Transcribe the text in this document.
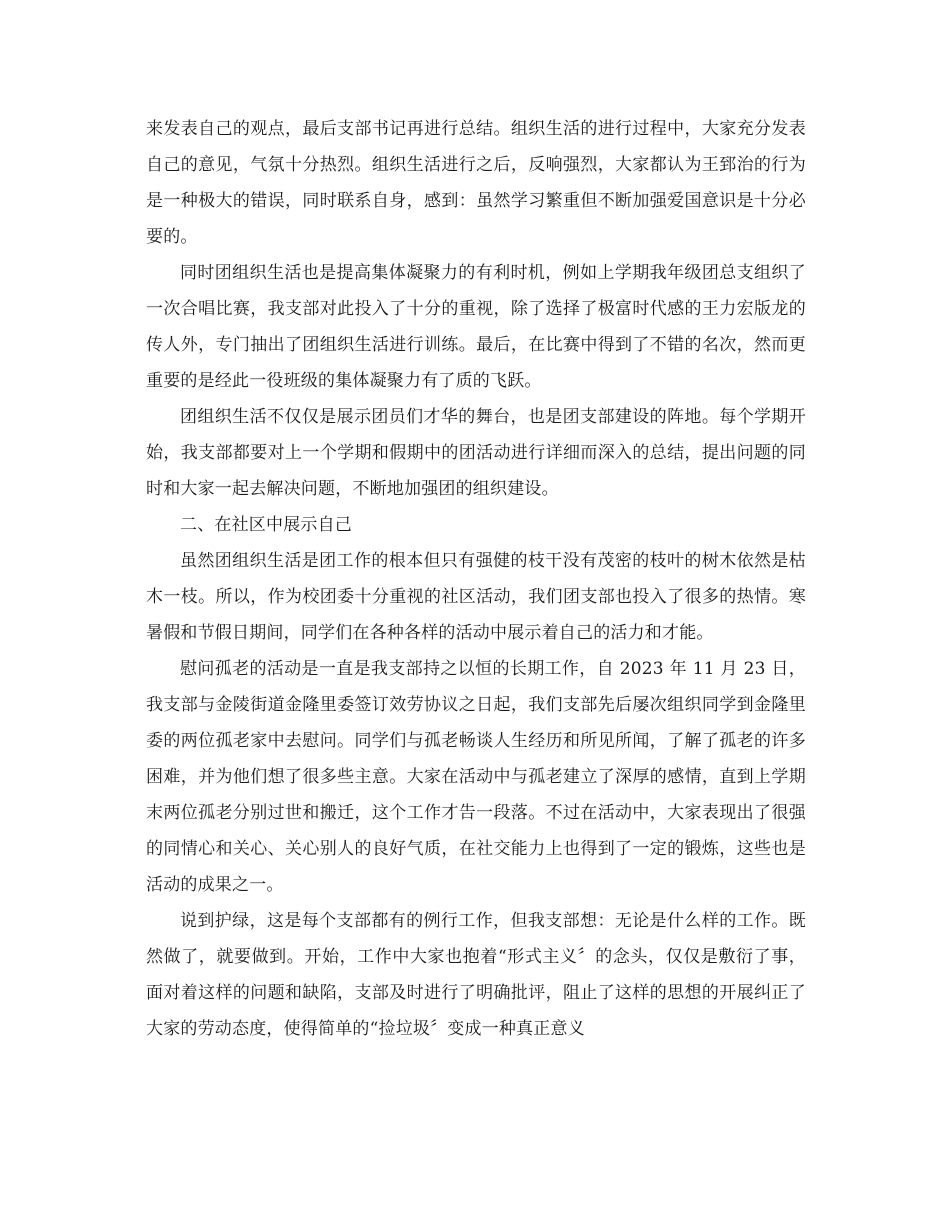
来发表自己的观点，最后支部书记再进行总结。组织生活的进行过程中，大家充分发表自己的意见，气氛十分热烈。组织生活进行之后，反响强烈，大家都认为王郅治的行为是一种极大的错误，同时联系自身，感到：虽然学习繁重但不断加强爱国意识是十分必要的。

同时团组织生活也是提高集体凝聚力的有利时机，例如上学期我年级团总支组织了一次合唱比赛，我支部对此投入了十分的重视，除了选择了极富时代感的王力宏版龙的传人外，专门抽出了团组织生活进行训练。最后，在比赛中得到了不错的名次，然而更重要的是经此一役班级的集体凝聚力有了质的飞跃。

团组织生活不仅仅是展示团员们才华的舞台，也是团支部建设的阵地。每个学期开始，我支部都要对上一个学期和假期中的团活动进行详细而深入的总结，提出问题的同时和大家一起去解决问题，不断地加强团的组织建设。

二、在社区中展示自己

虽然团组织生活是团工作的根本但只有强健的枝干没有茂密的枝叶的树木依然是枯木一枝。所以，作为校团委十分重视的社区活动，我们团支部也投入了很多的热情。寒暑假和节假日期间，同学们在各种各样的活动中展示着自己的活力和才能。

慰问孤老的活动是一直是我支部持之以恒的长期工作，自 2023 年 11 月 23 日，我支部与金陵街道金隆里委签订效劳协议之日起，我们支部先后屡次组织同学到金隆里委的两位孤老家中去慰问。同学们与孤老畅谈人生经历和所见所闻，了解了孤老的许多困难，并为他们想了很多些主意。大家在活动中与孤老建立了深厚的感情，直到上学期末两位孤老分别过世和搬迁，这个工作才告一段落。不过在活动中，大家表现出了很强的同情心和关心、关心别人的良好气质，在社交能力上也得到了一定的锻炼，这些也是活动的成果之一。

说到护绿，这是每个支部都有的例行工作，但我支部想：无论是什么样的工作。既然做了，就要做到。开始，工作中大家也抱着“形式主义〞的念头，仅仅是敷衍了事，面对着这样的问题和缺陷，支部及时进行了明确批评，阻止了这样的思想的开展纠正了大家的劳动态度，使得简单的“捡垃圾〞变成一种真正意义
